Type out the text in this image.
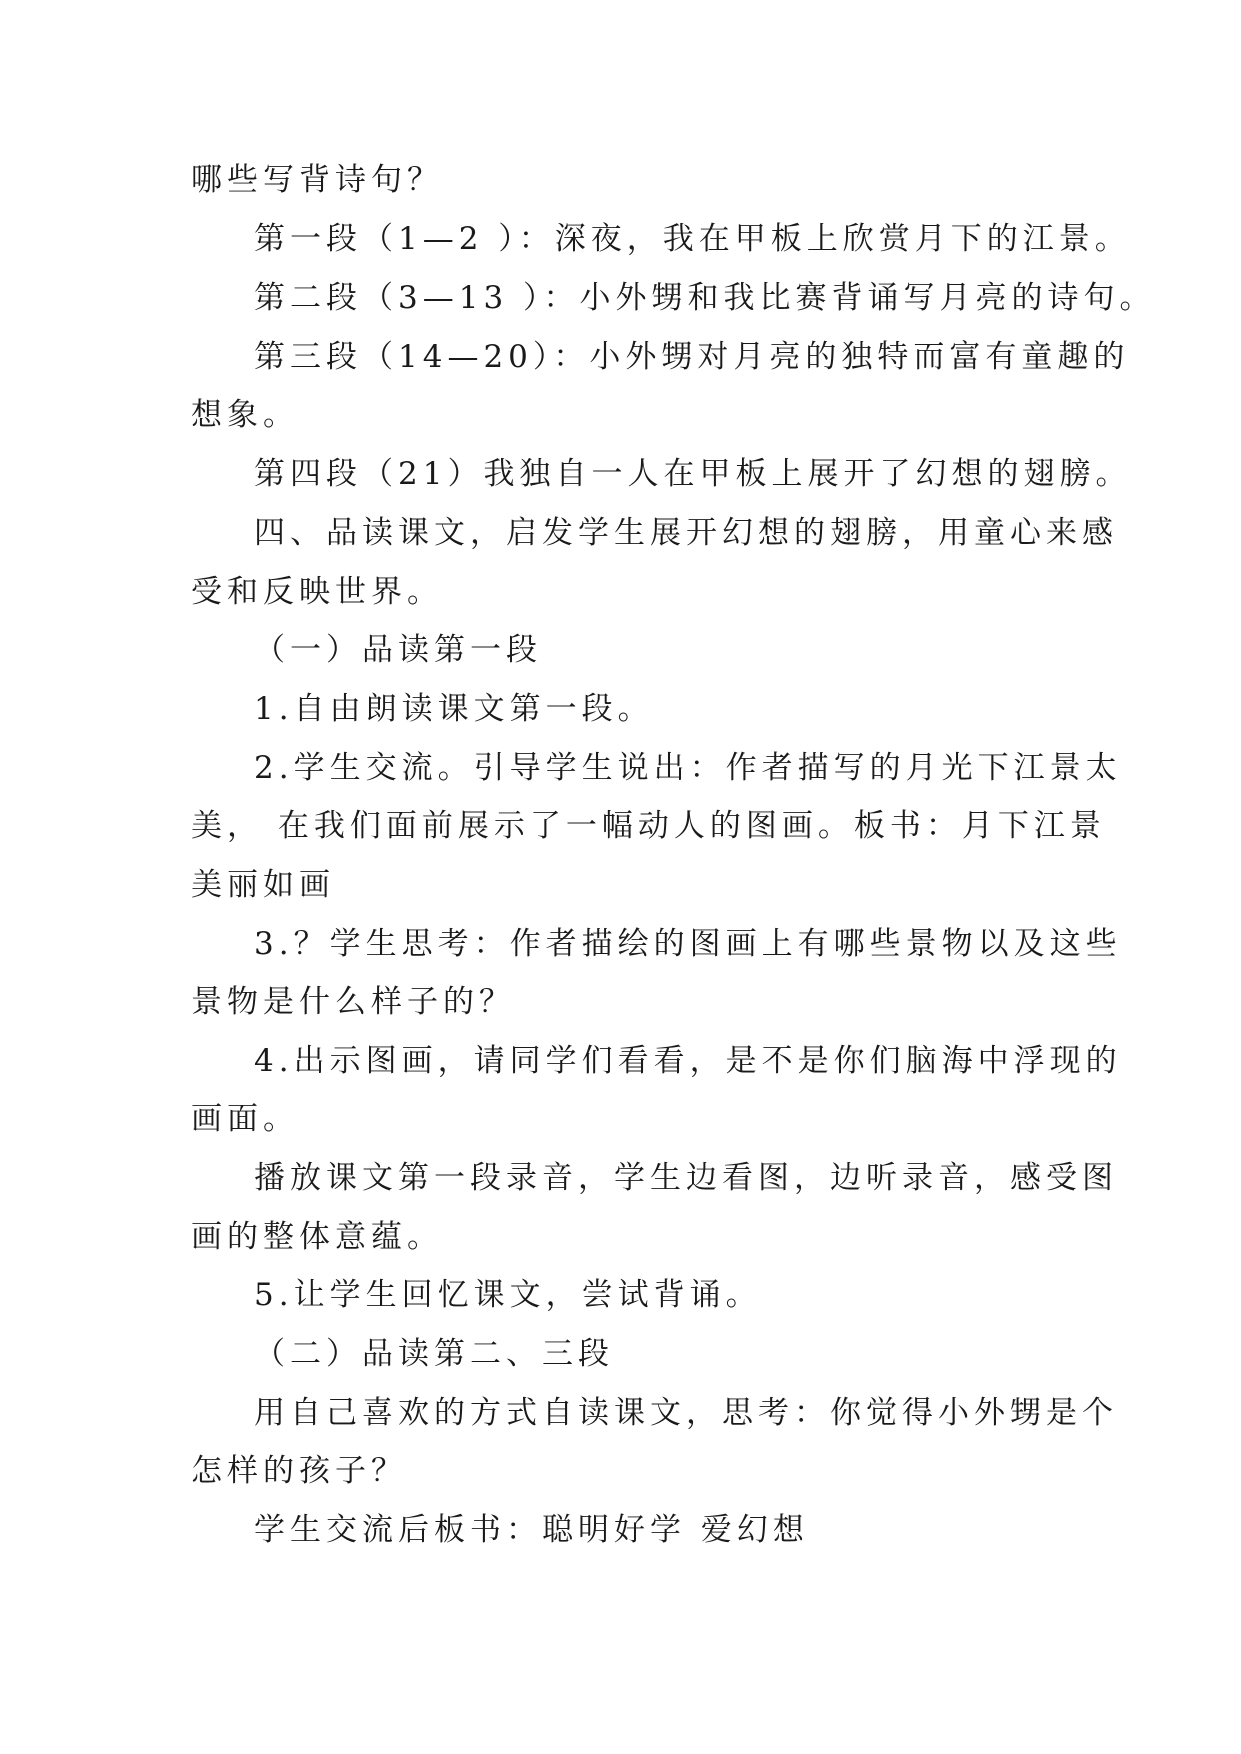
哪些写背诗句？
第一段（1—2 ）：深夜，我在甲板上欣赏月下的江景。
第二段（3—13 ）：小外甥和我比赛背诵写月亮的诗句。
第三段（14—20）：小外甥对月亮的独特而富有童趣的
想象。
第四段（21）我独自一人在甲板上展开了幻想的翅膀。
四、品读课文，启发学生展开幻想的翅膀，用童心来感
受和反映世界。
（一）品读第一段
1.自由朗读课文第一段。
2.学生交流。引导学生说出：作者描写的月光下江景太
美， 在我们面前展示了一幅动人的图画。板书：月下江景
美丽如画
3.？学生思考：作者描绘的图画上有哪些景物以及这些
景物是什么样子的？
4.出示图画，请同学们看看，是不是你们脑海中浮现的
画面。
播放课文第一段录音，学生边看图，边听录音，感受图
画的整体意蕴。
5.让学生回忆课文，尝试背诵。
（二）品读第二、三段
用自己喜欢的方式自读课文，思考：你觉得小外甥是个
怎样的孩子？
学生交流后板书：聪明好学 爱幻想
